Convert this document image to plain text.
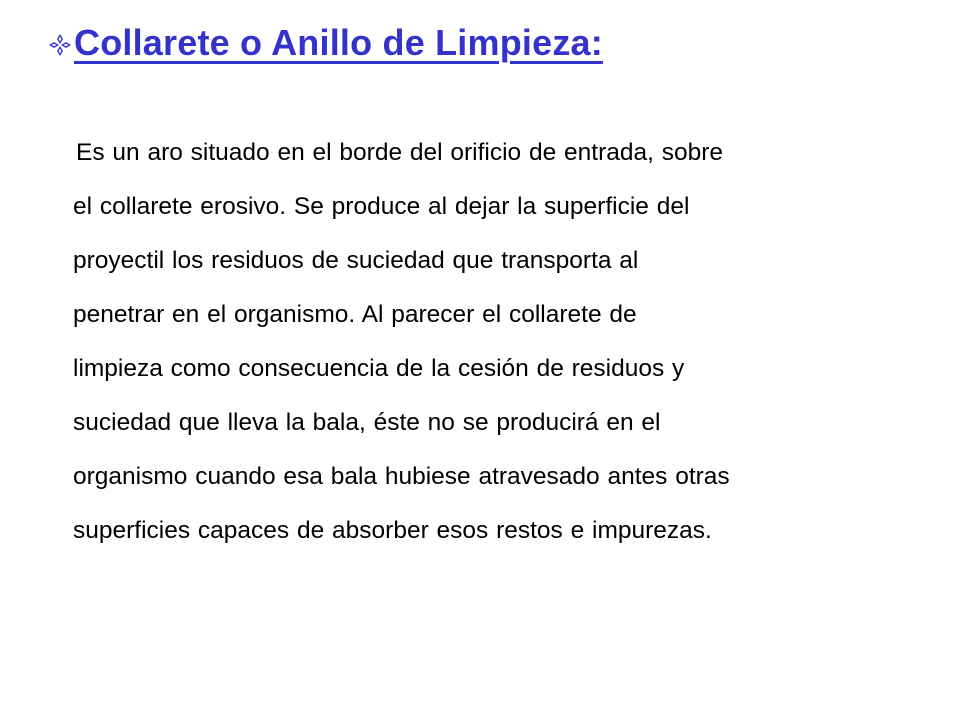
Collarete o Anillo de Limpieza:

Es un aro situado en el borde del orificio de entrada, sobre
el collarete erosivo. Se produce al dejar la superficie del
proyectil los residuos de suciedad que transporta al
penetrar en el organismo. Al parecer el collarete de
limpieza como consecuencia de la cesión de residuos y
suciedad que lleva la bala, éste no se producirá en el
organismo cuando esa bala hubiese atravesado antes otras
superficies capaces de absorber esos restos e impurezas.
